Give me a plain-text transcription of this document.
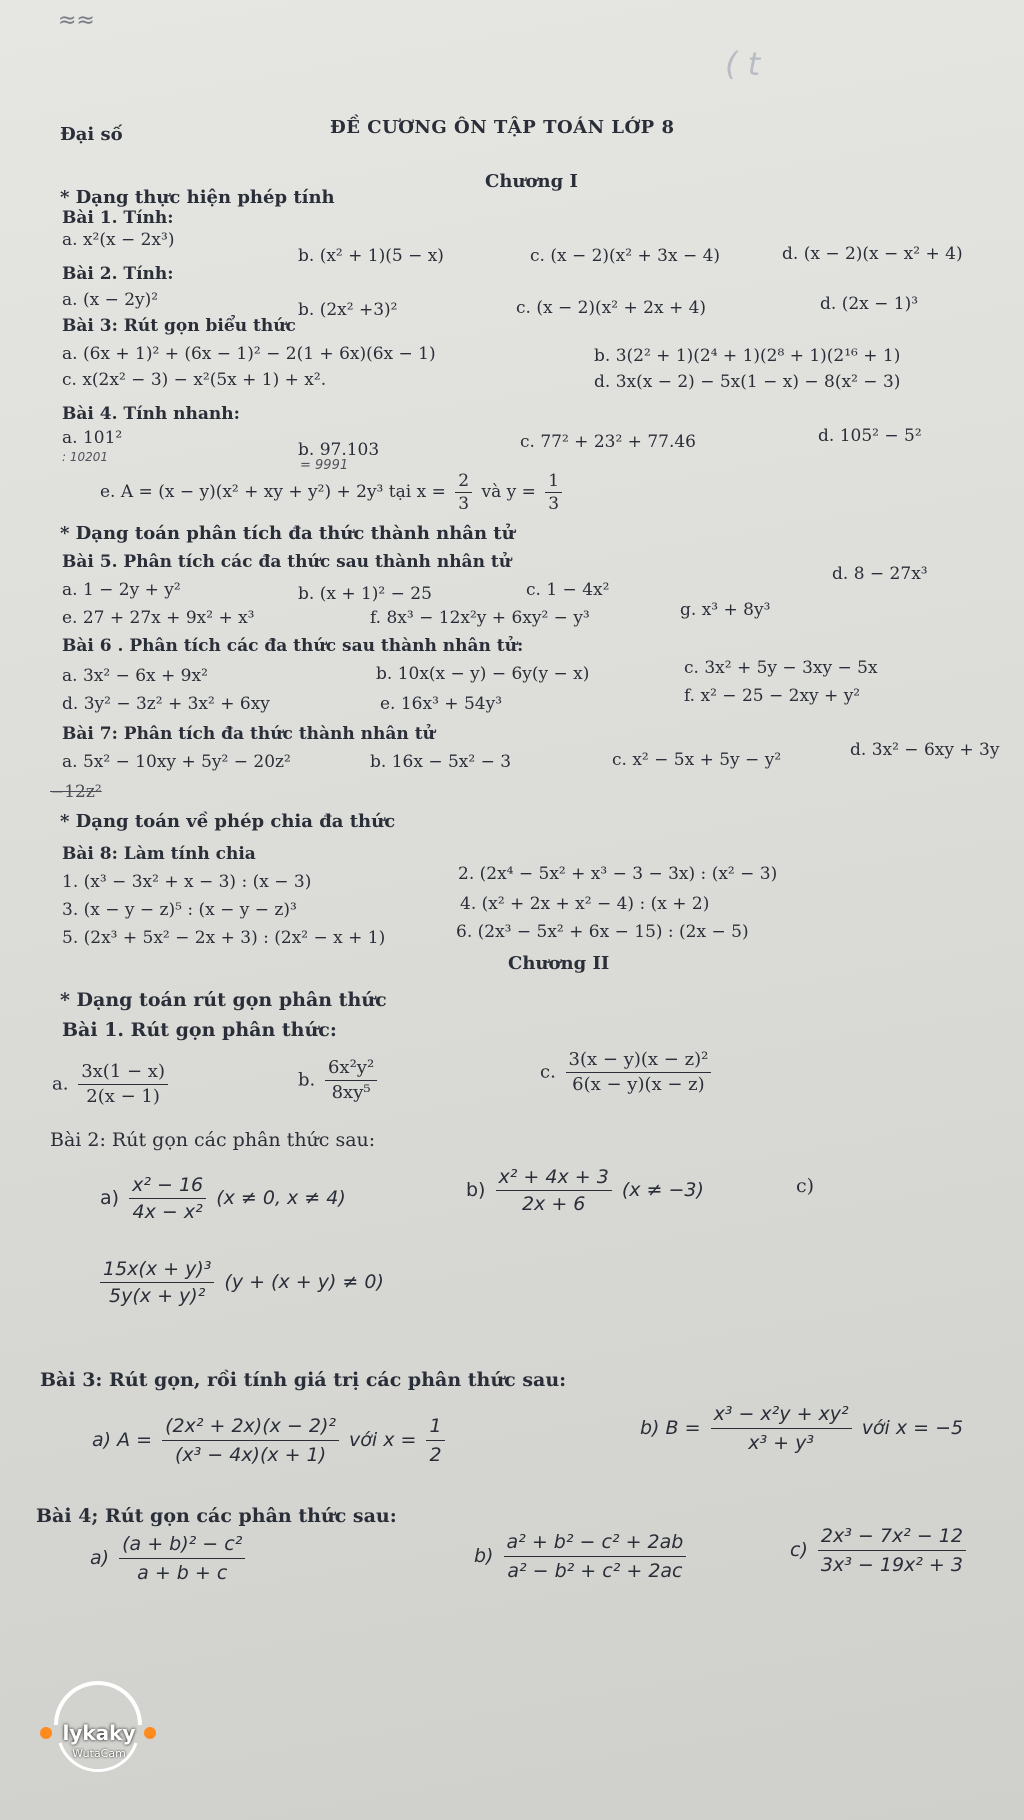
≈≈
( t
Đại số	ĐỀ CƯƠNG ÔN TẬP TOÁN LỚP 8
Chương I
* Dạng thực hiện phép tính
Bài 1. Tính:
a. x²(x − 2x³)
b. (x² + 1)(5 − x)	c. (x − 2)(x² + 3x − 4)	d. (x − 2)(x − x² + 4)
Bài 2. Tính:
a. (x − 2y)²	b. (2x² +3)²	c. (x − 2)(x² + 2x + 4)	d. (2x − 1)³
Bài 3: Rút gọn biểu thức
a. (6x + 1)² + (6x − 1)² − 2(1 + 6x)(6x − 1)	b. 3(2² + 1)(2⁴ + 1)(2⁸ + 1)(2¹⁶ + 1)
c. x(2x² − 3) − x²(5x + 1) + x².	d. 3x(x − 2) − 5x(1 − x) − 8(x² − 3)
Bài 4. Tính nhanh:
a. 101²
: 10201	b. 97.103
= 9991
c. 77² + 23² + 77.46	d. 105² − 5²
e. A = (x − y)(x² + xy + y²) + 2y³ tại $x = \frac{2}{3}$ và $y = \frac{1}{3}$
* Dạng toán phân tích đa thức thành nhân tử
Bài 5. Phân tích các đa thức sau thành nhân tử
a. 1 − 2y + y²	b. (x + 1)² − 25	c. 1 − 4x²
d. 8 − 27x³
e. 27 + 27x + 9x² + x³	f. 8x³ − 12x²y + 6xy² − y³	g. x³ + 8y³
Bài 6 . Phân tích các đa thức sau thành nhân tử:
a. 3x² − 6x + 9x²	b. 10x(x − y) − 6y(y − x)	c. 3x² + 5y − 3xy − 5x
d. 3y² − 3z² + 3x² + 6xy	e. 16x³ + 54y³	f. x² − 25 − 2xy + y²
Bài 7: Phân tích đa thức thành nhân tử
a. 5x² − 10xy + 5y² − 20z²
−12z²
b. 16x − 5x² − 3	c. x² − 5x + 5y − y²	d. 3x² − 6xy + 3y
* Dạng toán về phép chia đa thức
Bài 8: Làm tính chia
1. (x³ − 3x² + x − 3) : (x − 3)	2. (2x⁴ − 5x² + x³ − 3 − 3x) : (x² − 3)
3. (x − y − z)⁵ : (x − y − z)³	4. (x² + 2x + x² − 4) : (x + 2)
5. (2x³ + 5x² − 2x + 3) : (2x² − x + 1)	6. (2x³ − 5x² + 6x − 15) : (2x − 5)
Chương II
* Dạng toán rút gọn phân thức
Bài 1. Rút gọn phân thức:
a. $\frac{3x(1 - x)}{2(x - 1)}$	b. $\frac{\text{6x²y²}}{\text{8xy⁵}}$	c. $\frac{\text{3(x − y)(x − z)²}}{6(x - y)(x - z)}$
Bài 2: Rút gọn các phân thức sau:
$a) \frac{\text{x² − 16}}{\text{4x − x²}} (x \ne 0$, x ≠ 4)	$b) \frac{\text{x² + 4x + 3}}{2x + 6} (x \ne -3)$	c)
$\frac{\text{15x(x + y)³}}{\text{5y(x + y)²}} (y + (x + y) \ne 0)$
Bài 3: Rút gọn, rồi tính giá trị các phân thức sau:
a) $A = \frac{\text{(2x² + 2x)(x − 2)²}}{\text{(x³ − 4x)(x + 1)}}$ với $x = \frac{1}{2}$	b) $B = \frac{\text{x³ − x²y + xy²}}{\text{x³ + y³}}$ với x = −5
Bài 4; Rút gọn các phân thức sau:
$a) \frac{\text{(a + b)² − c²}}{a + b + c}$	$b) \frac{\text{a² + b² − c² + 2ab}}{\text{a² − b² + c² + 2ac}}$	$c) \frac{\text{2x³ − 7x² − 12}}{\text{3x³ − 19x² + 3}}$
lykaky
WutaCam
